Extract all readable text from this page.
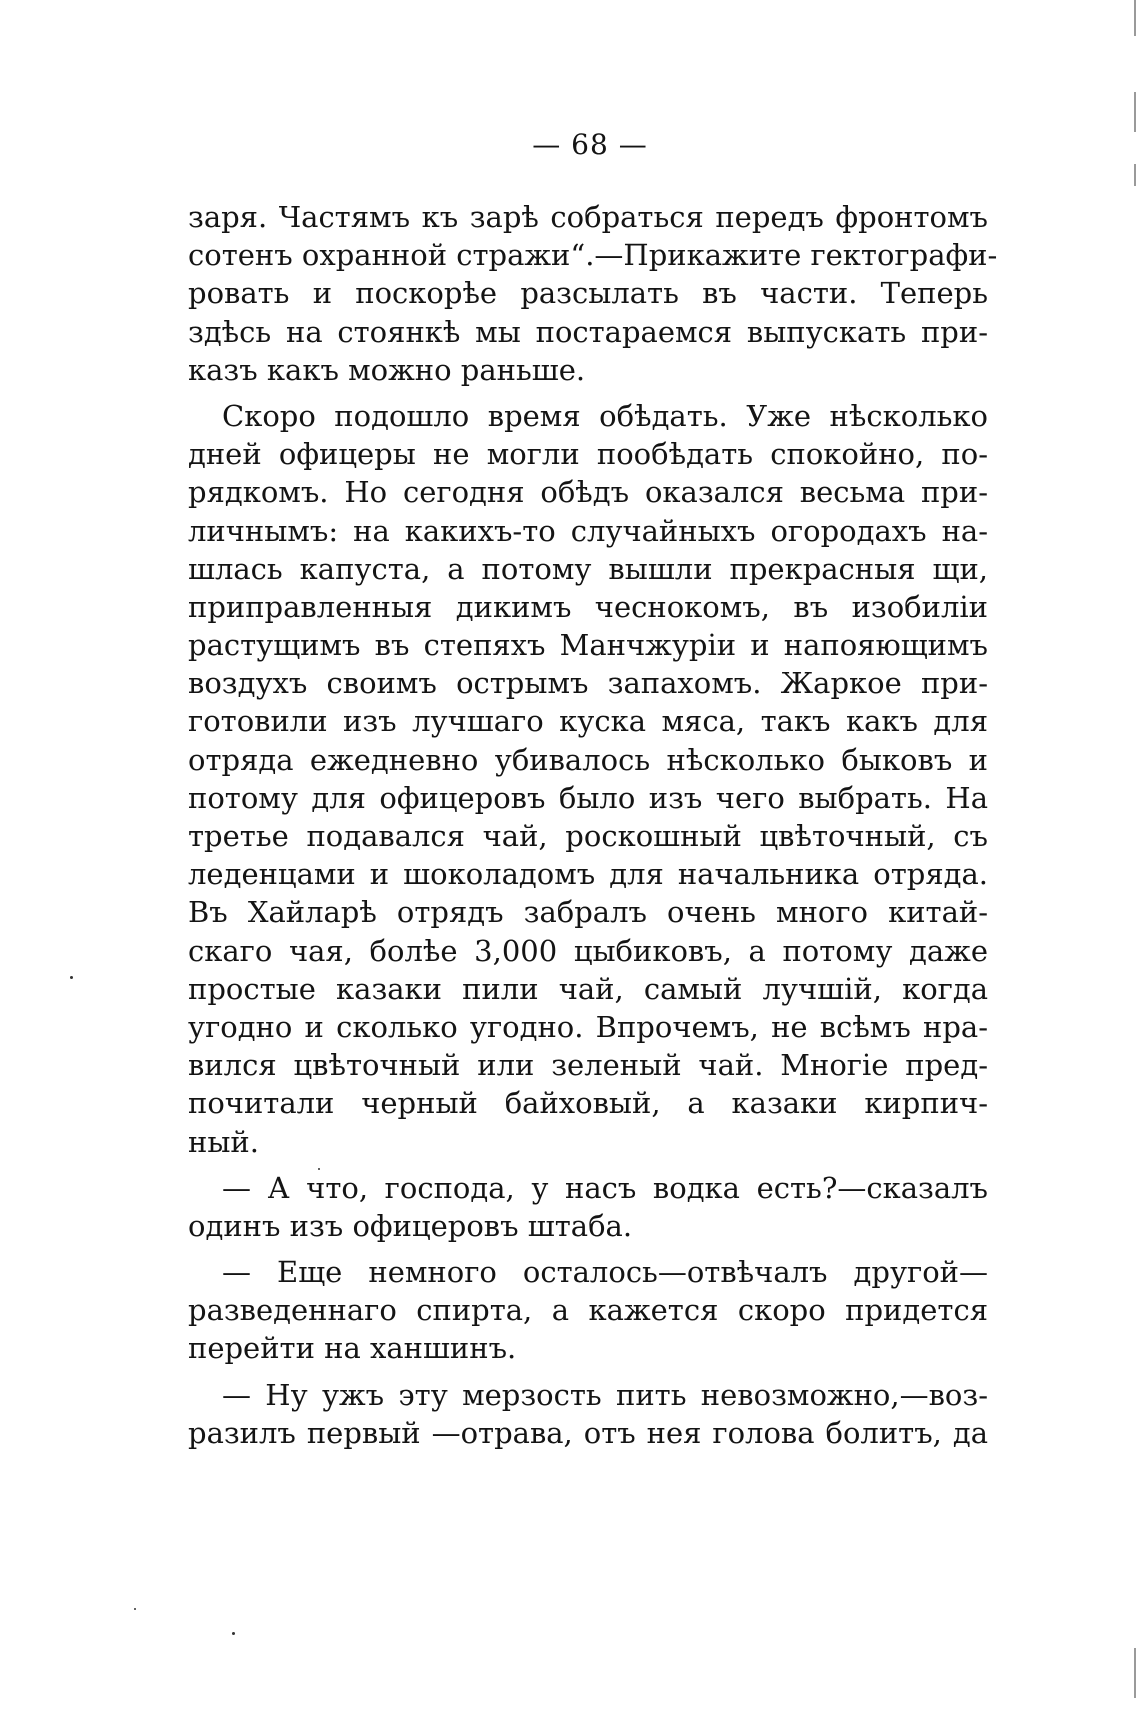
— 68 —
заря. Частямъ къ зарѣ собраться передъ фронтомъ
сотенъ охранной стражи“.—Прикажите гектографи-
ровать и поскорѣе разсылать въ части. Теперь
здѣсь на стоянкѣ мы постараемся выпускать при-
казъ какъ можно раньше.
Скоро подошло время обѣдать. Уже нѣсколько
дней офицеры не могли пообѣдать спокойно, по-
рядкомъ. Но сегодня обѣдъ оказался весьма при-
личнымъ: на какихъ-то случайныхъ огородахъ на-
шлась капуста, а потому вышли прекрасныя щи,
приправленныя дикимъ чеснокомъ, въ изобиліи
растущимъ въ степяхъ Манчжуріи и напояющимъ
воздухъ своимъ острымъ запахомъ. Жаркое при-
готовили изъ лучшаго куска мяса, такъ какъ для
отряда ежедневно убивалось нѣсколько быковъ и
потому для офицеровъ было изъ чего выбрать. На
третье подавался чай, роскошный цвѣточный, съ
леденцами и шоколадомъ для начальника отряда.
Въ Хайларѣ отрядъ забралъ очень много китай-
скаго чая, болѣе 3,000 цыбиковъ, а потому даже
простые казаки пили чай, самый лучшій, когда
угодно и сколько угодно. Впрочемъ, не всѣмъ нра-
вился цвѣточный или зеленый чай. Многіе пред-
почитали черный байховый, а казаки кирпич-
ный.
— А что, господа, у насъ водка есть?—сказалъ
одинъ изъ офицеровъ штаба.
— Еще немного осталось—отвѣчалъ другой—
разведеннаго спирта, а кажется скоро придется
перейти на ханшинъ.
— Ну ужъ эту мерзость пить невозможно,—воз-
разилъ первый —отрава, отъ нея голова болитъ, да
